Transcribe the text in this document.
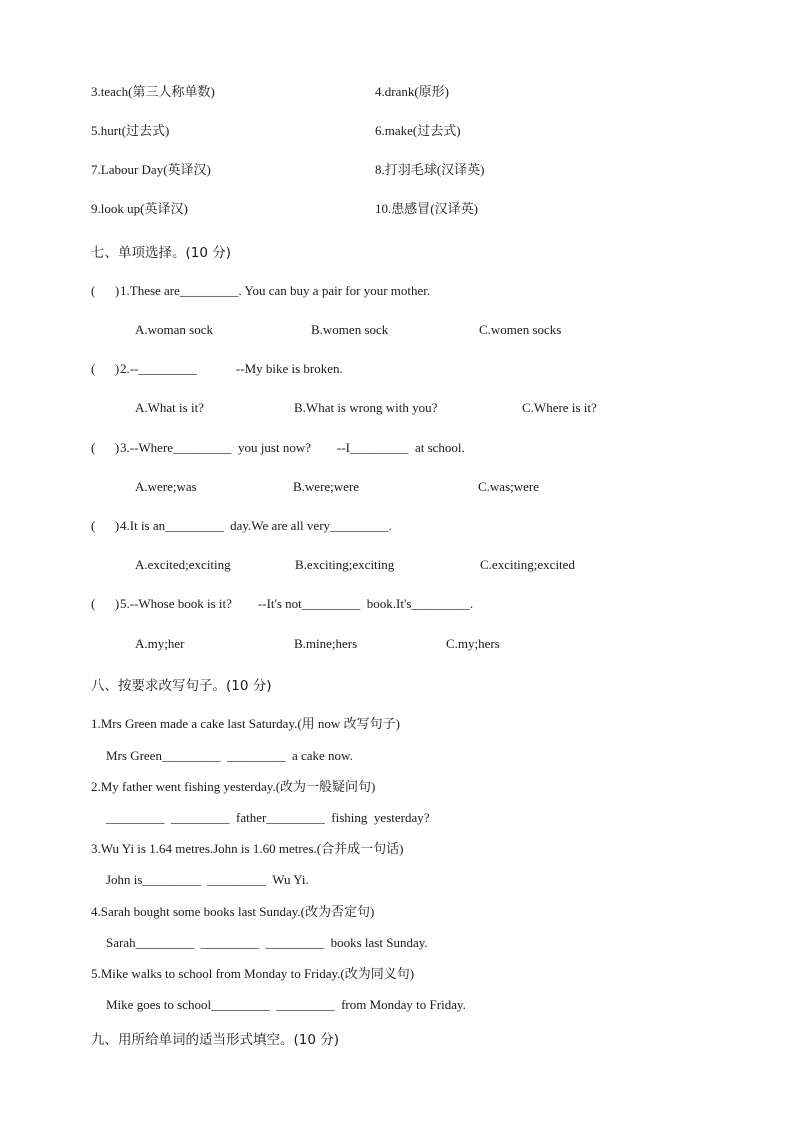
3.teach(第三人称单数)	4.drank(原形)
5.hurt(过去式)	6.make(过去式)
7.Labour Day(英译汉)	8.打羽毛球(汉译英)
9.look up(英译汉)	10.患感冒(汉译英)
七、单项选择。(10 分)
(      ) 1.These are_________. You can buy a pair for your mother.
A.woman sock	B.women sock	C.women socks
(      ) 2.--_________            --My bike is broken.
A.What is it?	B.What is wrong with you?	C.Where is it?
(      ) 3.--Where_________  you just now?        --I_________  at school.
A.were;was	B.were;were	C.was;were
(      ) 4.It is an_________  day.We are all very_________.
A.excited;exciting	B.exciting;exciting	C.exciting;excited
(      ) 5.--Whose book is it?        --It's not_________  book.It's_________.
A.my;her	B.mine;hers	C.my;hers
八、按要求改写句子。(10 分)
1.Mrs Green made a cake last Saturday.(用 now 改写句子)
Mrs Green_________  _________  a cake now.
2.My father went fishing yesterday.(改为一般疑问句)
_________  _________  father_________  fishing  yesterday?
3.Wu Yi is 1.64 metres.John is 1.60 metres.(合并成一句话)
John is_________  _________  Wu Yi.
4.Sarah bought some books last Sunday.(改为否定句)
Sarah_________  _________  _________  books last Sunday.
5.Mike walks to school from Monday to Friday.(改为同义句)
Mike goes to school_________  _________  from Monday to Friday.
九、用所给单词的适当形式填空。(10 分)
